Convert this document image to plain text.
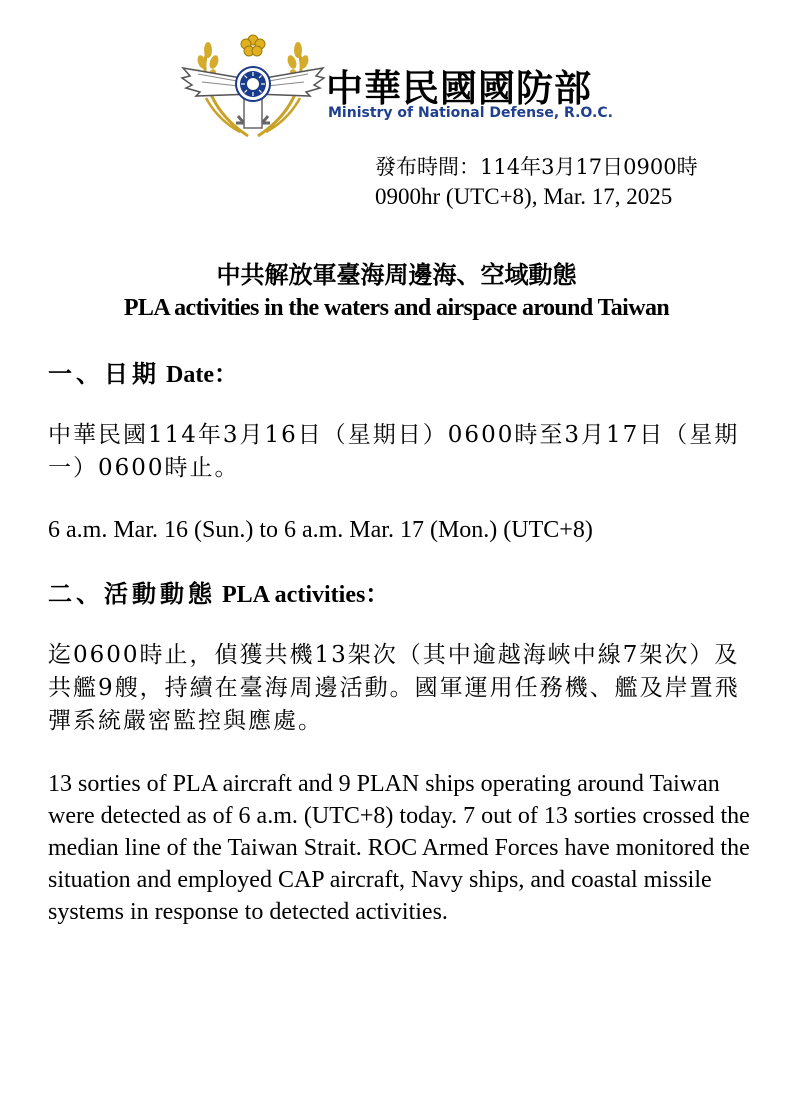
中華民國國防部
Ministry of National Defense, R.O.C.
發布時間：114年3月17日0900時
0900hr (UTC+8), Mar. 17, 2025
中共解放軍臺海周邊海、空域動態
PLA activities in the waters and airspace around Taiwan
一、日期 Date：
中華民國114年3月16日（星期日）0600時至3月17日（星期一）0600時止。
6 a.m. Mar. 16 (Sun.) to 6 a.m. Mar. 17 (Mon.) (UTC+8)
二、活動動態 PLA activities：
迄0600時止，偵獲共機13架次（其中逾越海峽中線7架次）及共艦9艘，持續在臺海周邊活動。國軍運用任務機、艦及岸置飛彈系統嚴密監控與應處。
13 sorties of PLA aircraft and 9 PLAN ships operating around Taiwan were detected as of 6 a.m. (UTC+8) today. 7 out of 13 sorties crossed the median line of the Taiwan Strait. ROC Armed Forces have monitored the situation and employed CAP aircraft, Navy ships, and coastal missile systems in response to detected activities.
